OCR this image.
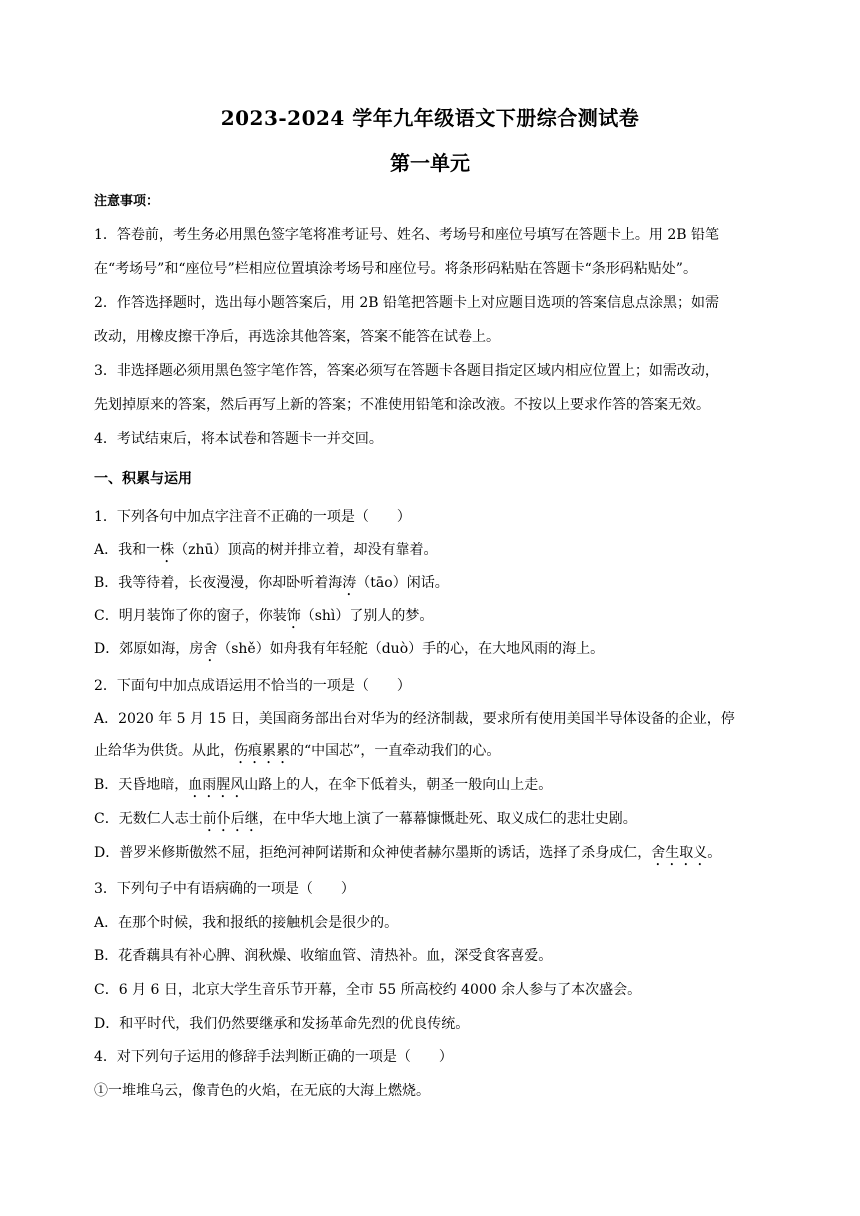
2023-2024 学年九年级语文下册综合测试卷
第一单元
注意事项：
1．答卷前，考生务必用黑色签字笔将准考证号、姓名、考场号和座位号填写在答题卡上。用 2B 铅笔
在“考场号”和“座位号”栏相应位置填涂考场号和座位号。将条形码粘贴在答题卡“条形码粘贴处”。
2．作答选择题时，选出每小题答案后，用 2B 铅笔把答题卡上对应题目选项的答案信息点涂黑；如需
改动，用橡皮擦干净后，再选涂其他答案，答案不能答在试卷上。
3．非选择题必须用黑色签字笔作答，答案必须写在答题卡各题目指定区域内相应位置上；如需改动，
先划掉原来的答案，然后再写上新的答案；不准使用铅笔和涂改液。不按以上要求作答的答案无效。
4．考试结束后，将本试卷和答题卡一并交回。
一、积累与运用
1．下列各句中加点字注音不正确的一项是（　　）
A．我和一株（zhū）顶高的树并排立着，却没有靠着。
B．我等待着，长夜漫漫，你却卧听着海涛（tāo）闲话。
C．明月装饰了你的窗子，你装饰（shì）了别人的梦。
D．郊原如海，房舍（shě）如舟我有年轻舵（duò）手的心，在大地风雨的海上。
2．下面句中加点成语运用不恰当的一项是（　　）
A．2020 年 5 月 15 日，美国商务部出台对华为的经济制裁，要求所有使用美国半导体设备的企业，停
止给华为供货。从此，伤痕累累的“中国芯”，一直牵动我们的心。
B．天昏地暗，血雨腥风山路上的人，在伞下低着头，朝圣一般向山上走。
C．无数仁人志士前仆后继，在中华大地上演了一幕幕慷慨赴死、取义成仁的悲壮史剧。
D．普罗米修斯傲然不屈，拒绝河神阿诺斯和众神使者赫尔墨斯的诱话，选择了杀身成仁，舍生取义。
3．下列句子中有语病确的一项是（　　）
A．在那个时候，我和报纸的接触机会是很少的。
B．花香藕具有补心脾、润秋燥、收缩血管、清热补。血，深受食客喜爱。
C．6 月 6 日，北京大学生音乐节开幕，全市 55 所高校约 4000 余人参与了本次盛会。
D．和平时代，我们仍然要继承和发扬革命先烈的优良传统。
4．对下列句子运用的修辞手法判断正确的一项是（　　）
①一堆堆乌云，像青色的火焰，在无底的大海上燃烧。
